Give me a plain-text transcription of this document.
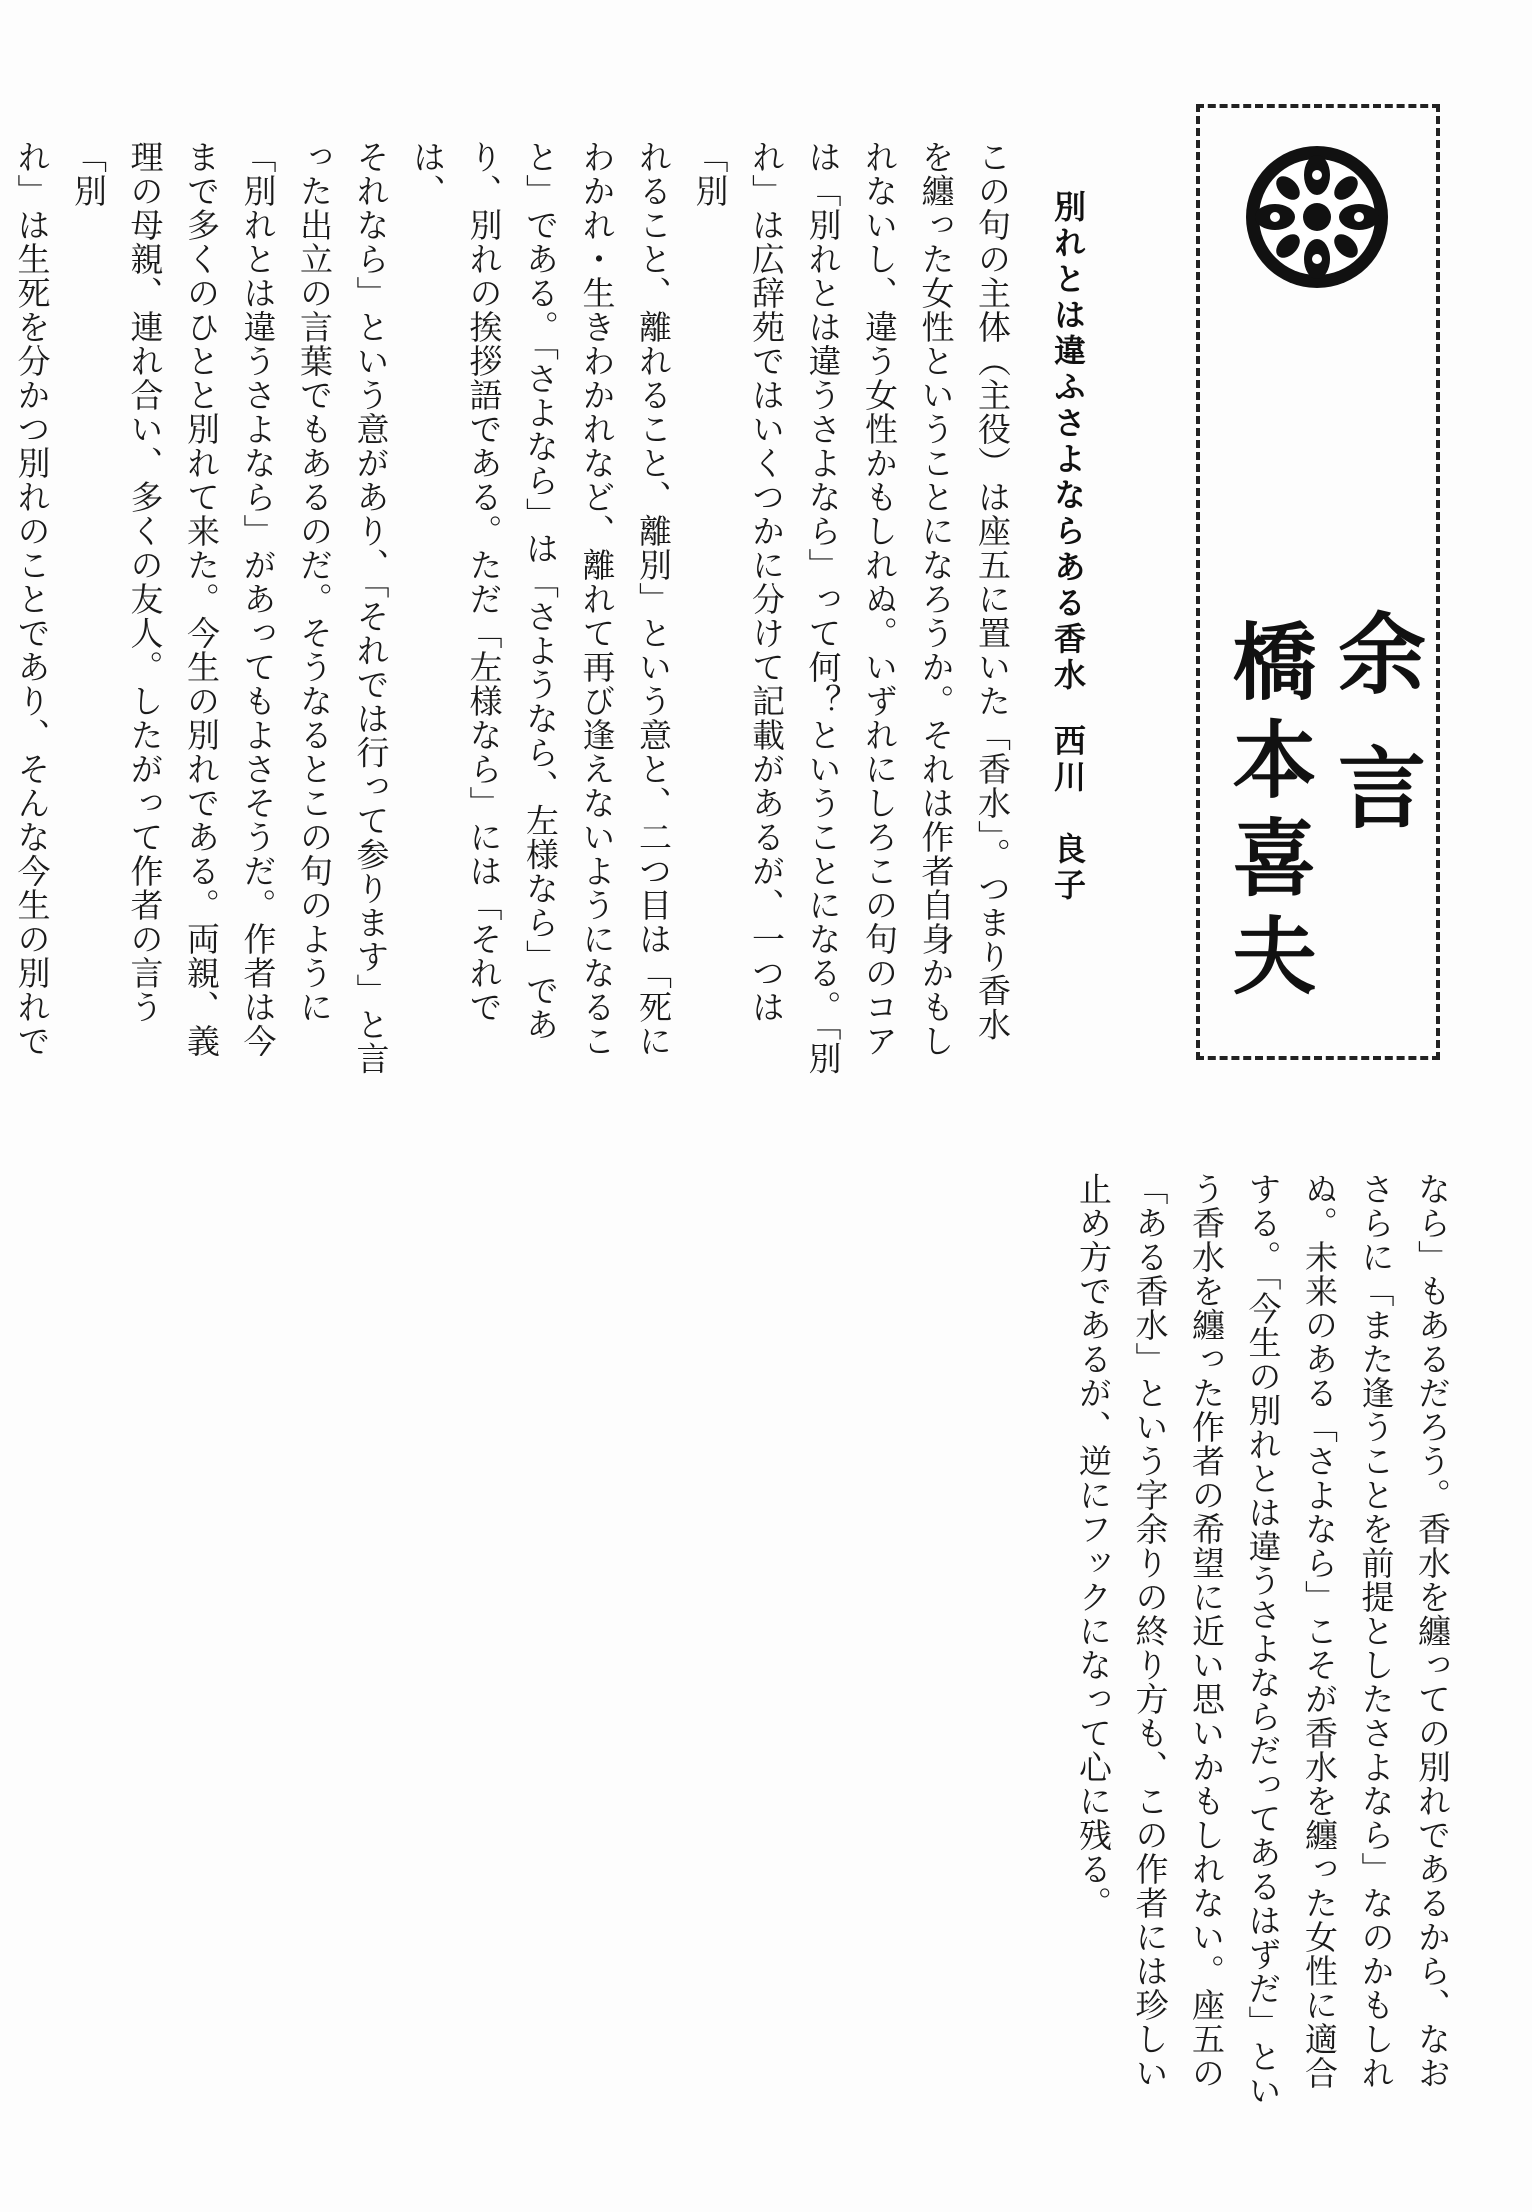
余言
橋本喜夫
別れとは違ふさよならある香水西川　良子
この句の主体（主役）は座五に置いた「香水」。つまり香水
を纏った女性ということになろうか。それは作者自身かもし
れないし、違う女性かもしれぬ。いずれにしろこの句のコア
は「別れとは違うさよなら」って何？ということになる。「別
れ」は広辞苑ではいくつかに分けて記載があるが、一つは「別
れること、離れること、離別」という意と、二つ目は「死に
わかれ・生きわかれなど、離れて再び逢えないようになるこ
と」である。「さよなら」は「さようなら、左様なら」であ
り、別れの挨拶語である。ただ「左様なら」には「それでは、
それなら」という意があり、「それでは行って参ります」と言
った出立の言葉でもあるのだ。そうなるとこの句のように
「別れとは違うさよなら」があってもよさそうだ。作者は今
まで多くのひとと別れて来た。今生の別れである。両親、義
理の母親、連れ合い、多くの友人。したがって作者の言う「別
れ」は生死を分かつ別れのことであり、そんな今生の別れで
なら」もあるだろう。香水を纏っての別れであるから、なお
さらに「また逢うことを前提としたさよなら」なのかもしれ
ぬ。未来のある「さよなら」こそが香水を纏った女性に適合
する。「今生の別れとは違うさよならだってあるはずだ」とい
う香水を纏った作者の希望に近い思いかもしれない。座五の
「ある香水」という字余りの終り方も、この作者には珍しい
止め方であるが、逆にフックになって心に残る。
